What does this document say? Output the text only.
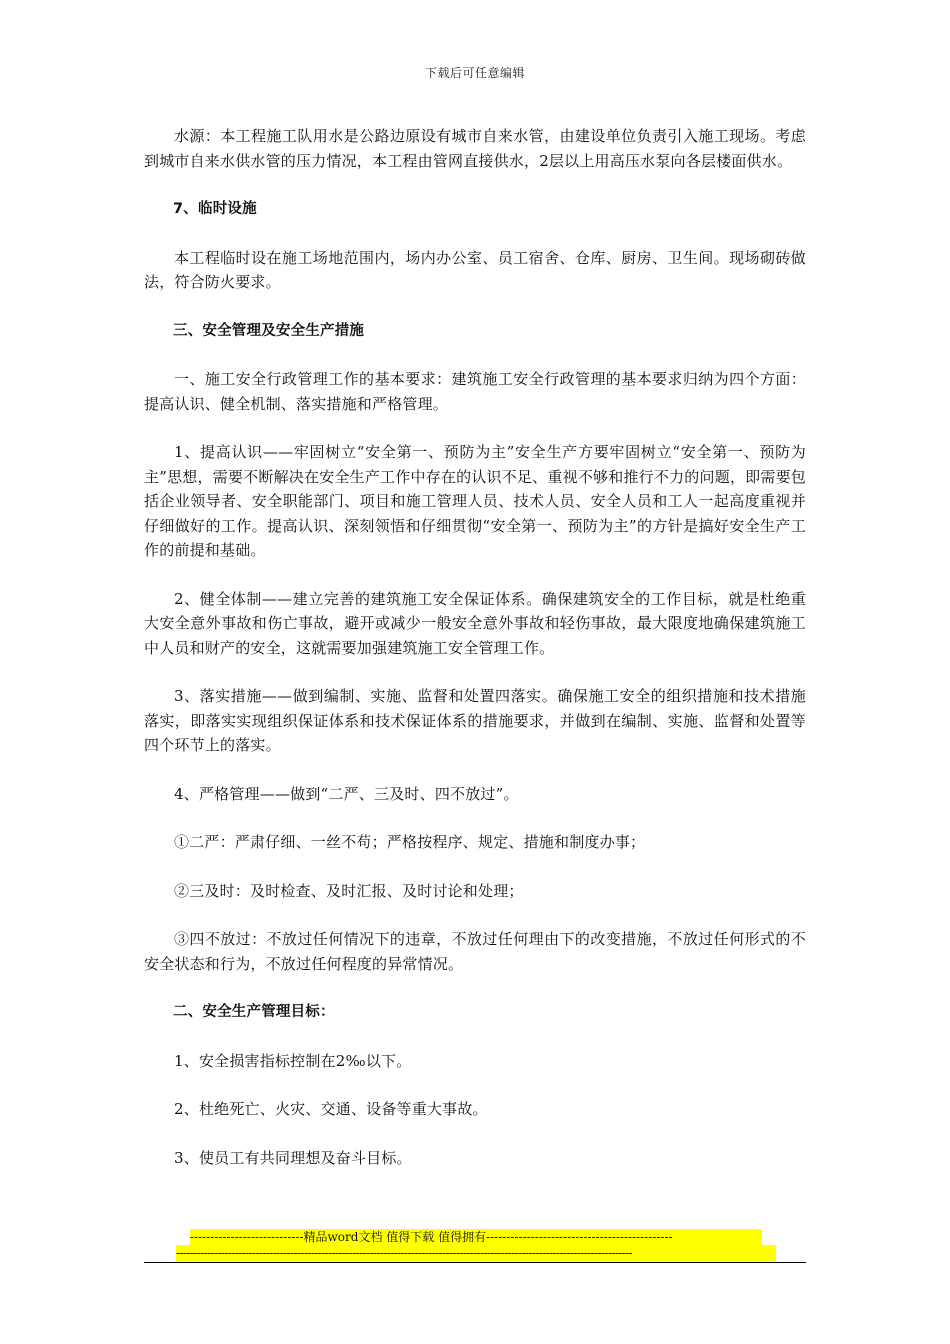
下载后可任意编辑

水源：本工程施工队用水是公路边原设有城市自来水管，由建设单位负责引入施工现场。考虑到城市自来水供水管的压力情况，本工程由管网直接供水，2层以上用高压水泵向各层楼面供水。

7、临时设施

本工程临时设在施工场地范围内，场内办公室、员工宿舍、仓库、厨房、卫生间。现场砌砖做法，符合防火要求。

三、安全管理及安全生产措施

一、施工安全行政管理工作的基本要求：建筑施工安全行政管理的基本要求归纳为四个方面：提高认识、健全机制、落实措施和严格管理。

1、提高认识——牢固树立“安全第一、预防为主”安全生产方要牢固树立“安全第一、预防为主”思想，需要不断解决在安全生产工作中存在的认识不足、重视不够和推行不力的问题，即需要包括企业领导者、安全职能部门、项目和施工管理人员、技术人员、安全人员和工人一起高度重视并仔细做好的工作。提高认识、深刻领悟和仔细贯彻“安全第一、预防为主”的方针是搞好安全生产工作的前提和基础。

2、健全体制——建立完善的建筑施工安全保证体系。确保建筑安全的工作目标，就是杜绝重大安全意外事故和伤亡事故，避开或减少一般安全意外事故和轻伤事故，最大限度地确保建筑施工中人员和财产的安全，这就需要加强建筑施工安全管理工作。

3、落实措施——做到编制、实施、监督和处置四落实。确保施工安全的组织措施和技术措施落实，即落实实现组织保证体系和技术保证体系的措施要求，并做到在编制、实施、监督和处置等四个环节上的落实。

4、严格管理——做到“二严、三及时、四不放过”。

①二严：严肃仔细、一丝不苟；严格按程序、规定、措施和制度办事；

②三及时：及时检查、及时汇报、及时讨论和处理；

③四不放过：不放过任何情况下的违章，不放过任何理由下的改变措施，不放过任何形式的不安全状态和行为，不放过任何程度的异常情况。

二、安全生产管理目标：

1、安全损害指标控制在2‰以下。

2、杜绝死亡、火灾、交通、设备等重大事故。

3、使员工有共同理想及奋斗目标。

----------------------------精品word文档 值得下载 值得拥有----------------------------------------------
------------------------------------------------------------------------------------------------------------------------------------
